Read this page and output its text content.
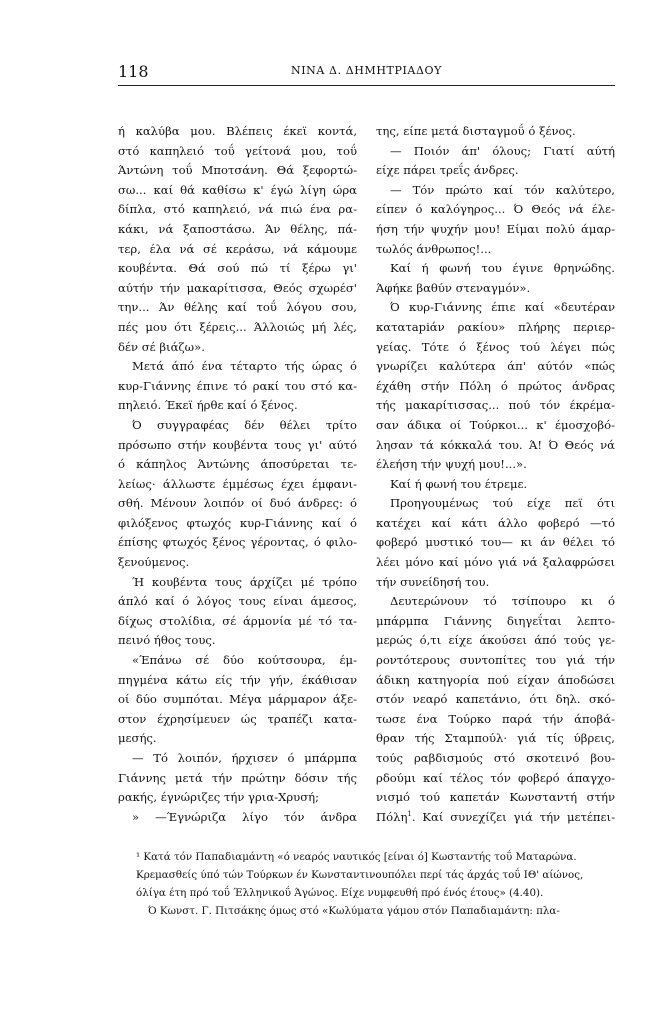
118	ΝΙΝΑ Δ. ΔΗΜΗΤΡΙΑΔΟΥ
ή καλύβα μου. Βλέπεις έκεϊ κοντά,
στό καπηλειό τοΰ γείτονά μου, τοΰ
Άντώνη τοΰ Μποτσάνη. Θά ξεφορτώ-
σω... καί θά καθίσω κ' έγώ λίγη ώρα
δίπλα, στό καπηλειό, νά πιώ ένα ρα-
κάκι, νά ξαποστάσω. Άν θέλης, πά-
τερ, έλα νά σέ κεράσω, νά κάμουμε
κουβέντα. Θά σού πώ τί ξέρω γι'
αύτήν τήν μακαρίτισσα, Θεός σχωρέσ'
την... Άν θέλης καί τοΰ λόγου σου,
πές μου ότι ξέρεις... Άλλοιώς μή λές,
δέν σέ βιάζω».
Μετά άπό ένα τέταρτο τής ώρας ό
κυρ-Γιάννης έπινε τό ρακί του στό κα-
πηλειό. Έκεϊ ήρθε καί ό ξένος.
Ό συγγραφέας δέν θέλει τρίτο
πρόσωπο στήν κουβέντα τους γι' αύτό
ό κάπηλος Άντώνης άποσύρεται τε-
λείως· άλλωστε έμμέσως έχει έμφανι-
σθή. Μένουν λοιπόν οί δυό άνδρες: ό
φιλόξενος φτωχός κυρ-Γιάννης καί ό
έπίσης φτωχός ξένος γέροντας, ό φιλο-
ξενούμενος.
Ή κουβέντα τους άρχίζει μέ τρόπο
άπλό καί ό λόγος τους είναι άμεσος,
δίχως στολίδια, σέ άρμονία μέ τό τα-
πεινό ήθος τους.
«Έπάνω σέ δύο κούτσουρα, έμ-
πηγμένα κάτω είς τήν γήν, έκάθισαν
οί δύο συμπόται. Μέγα μάρμαρον άξε-
στον έχρησίμευεν ώς τραπέζι κατα-
μεσής.
— Τό λοιπόν, ήρχισεν ό μπάρμπα
Γιάννης μετά τήν πρώτην δόσιν τής
ρακής, έγνώριζες τήν γρια-Χρυσή;
» —Έγνώριζα λίγο τόν άνδρα
της, είπε μετά δισταγμοΰ ό ξένος.
— Ποιόν άπ' όλους; Γιατί αύτή
είχε πάρει τρεΐς άνδρες.
— Τόν πρώτο καί τόν καλύτερο,
είπεν ό καλόγηρος... Ό Θεός νά έλε-
ήση τήν ψυχήν μου! Είμαι πολύ άμαρ-
τωλός άνθρωπος!...
Καί ή φωνή του έγινε θρηνώδης.
Άφήκε βαθύν στεναγμόν».
Ό κυρ-Γιάννης έπιε καί «δευτέραν
κατατapiάν ρακίου» πλήρης περιερ-
γείας. Τότε ό ξένος τού λέγει πώς
γνωρίζει καλύτερα άπ' αύτόν «πώς
έχάθη στήν Πόλη ό πρώτος άνδρας
τής μακαρίτισσας... πού τόν έκρέμα-
σαν άδικα οί Τούρκοι... κ' έμοσχοβό-
λησαν τά κόκκαλά του. Ά! Ό Θεός νά
έλεήση τήν ψυχή μου!...».
Καί ή φωνή του έτρεμε.
Προηγουμένως τού είχε πεϊ ότι
κατέχει καί κάτι άλλο φοβερό —τό
φοβερό μυστικό του— κι άν θέλει τό
λέει μόνο καί μόνο γιά νά ξαλαφρώσει
τήν συνείδησή του.
Δευτερώνουν τό τσίπουρο κι ό
μπάρμπα Γιάννης διηγεΐται λεπτο-
μερώς ό,τι είχε άκούσει άπό τούς γε-
ροντότερους συντοπίτες του γιά τήν
άδικη κατηγορία πού είχαν άποδώσει
στόν νεαρό καπετάνιο, ότι δηλ. σκό-
τωσε ένα Τούρκο παρά τήν άποβά-
θραν τής Σταμπούλ· γιά τίς ύβρεις,
τούς ραβδισμούς στό σκοτεινό βου-
ρδούμι καί τέλος τόν φοβερό άπαγχο-
νισμό τού καπετάν Κωνσταντή στήν
Πόλη$^1$. Καί συνεχίζει γιά τήν μετέπει-
¹ Κατά τόν Παπαδιαμάντη «ό νεαρός ναυτικός [είναι ό] Κωσταντής τοΰ Ματαρώνα.
Κρεμασθείς ύπό τών Τούρκων έν Κωνσταντινουπόλει περί τάς άρχάς τοΰ ΙΘ' αίώνος,
όλίγα έτη πρό τοΰ Έλληνικοΰ Άγώνος. Είχε νυμφευθή πρό ένός έτους» (4.40).
Ό Κωνστ. Γ. Πιτσάκης όμως στό «Κωλύματα γάμου στόν Παπαδιαμάντη: πλα-
